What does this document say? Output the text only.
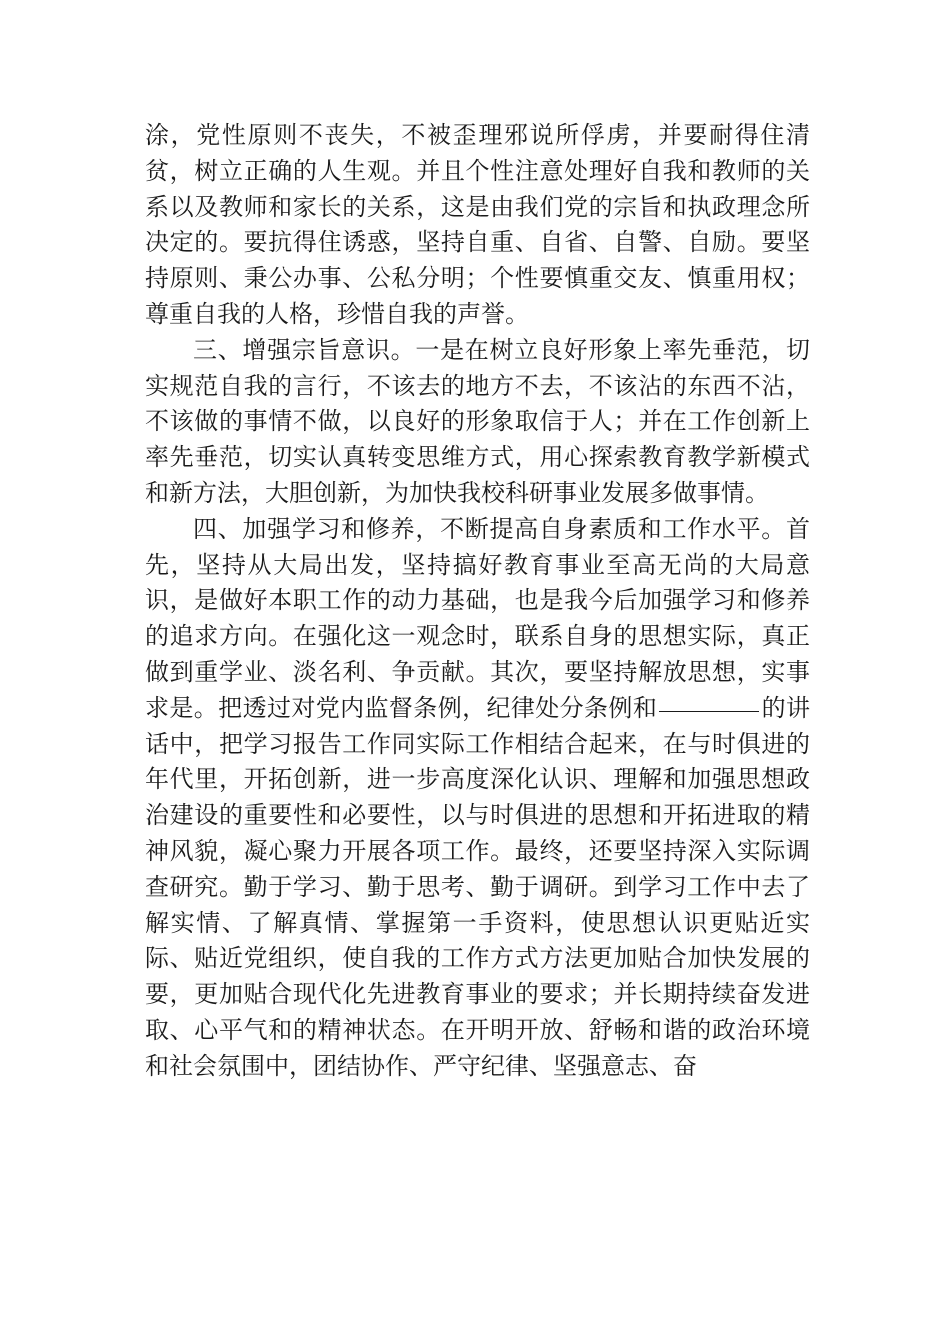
涂，党性原则不丧失，不被歪理邪说所俘虏，并要耐得住清贫，树立正确的人生观。并且个性注意处理好自我和教师的关系以及教师和家长的关系，这是由我们党的宗旨和执政理念所决定的。要抗得住诱惑，坚持自重、自省、自警、自励。要坚持原则、秉公办事、公私分明；个性要慎重交友、慎重用权；尊重自我的人格，珍惜自我的声誉。

三、增强宗旨意识。一是在树立良好形象上率先垂范，切实规范自我的言行，不该去的地方不去，不该沾的东西不沾，不该做的事情不做，以良好的形象取信于人；并在工作创新上率先垂范，切实认真转变思维方式，用心探索教育教学新模式和新方法，大胆创新，为加快我校科研事业发展多做事情。

四、加强学习和修养，不断提高自身素质和工作水平。首先，坚持从大局出发，坚持搞好教育事业至高无尚的大局意识，是做好本职工作的动力基础，也是我今后加强学习和修养的追求方向。在强化这一观念时，联系自身的思想实际，真正做到重学业、淡名利、争贡献。其次，要坚持解放思想，实事求是。把透过对党内监督条例，纪律处分条例和	的讲话中，把学习报告工作同实际工作相结合起来，在与时俱进的年代里，开拓创新，进一步高度深化认识、理解和加强思想政治建设的重要性和必要性，以与时俱进的思想和开拓进取的精神风貌，凝心聚力开展各项工作。最终，还要坚持深入实际调查研究。勤于学习、勤于思考、勤于调研。到学习工作中去了解实情、了解真情、掌握第一手资料，使思想认识更贴近实际、贴近党组织，使自我的工作方式方法更加贴合加快发展的要，更加贴合现代化先进教育事业的要求；并长期持续奋发进取、心平气和的精神状态。在开明开放、舒畅和谐的政治环境和社会氛围中，团结协作、严守纪律、坚强意志、奋
